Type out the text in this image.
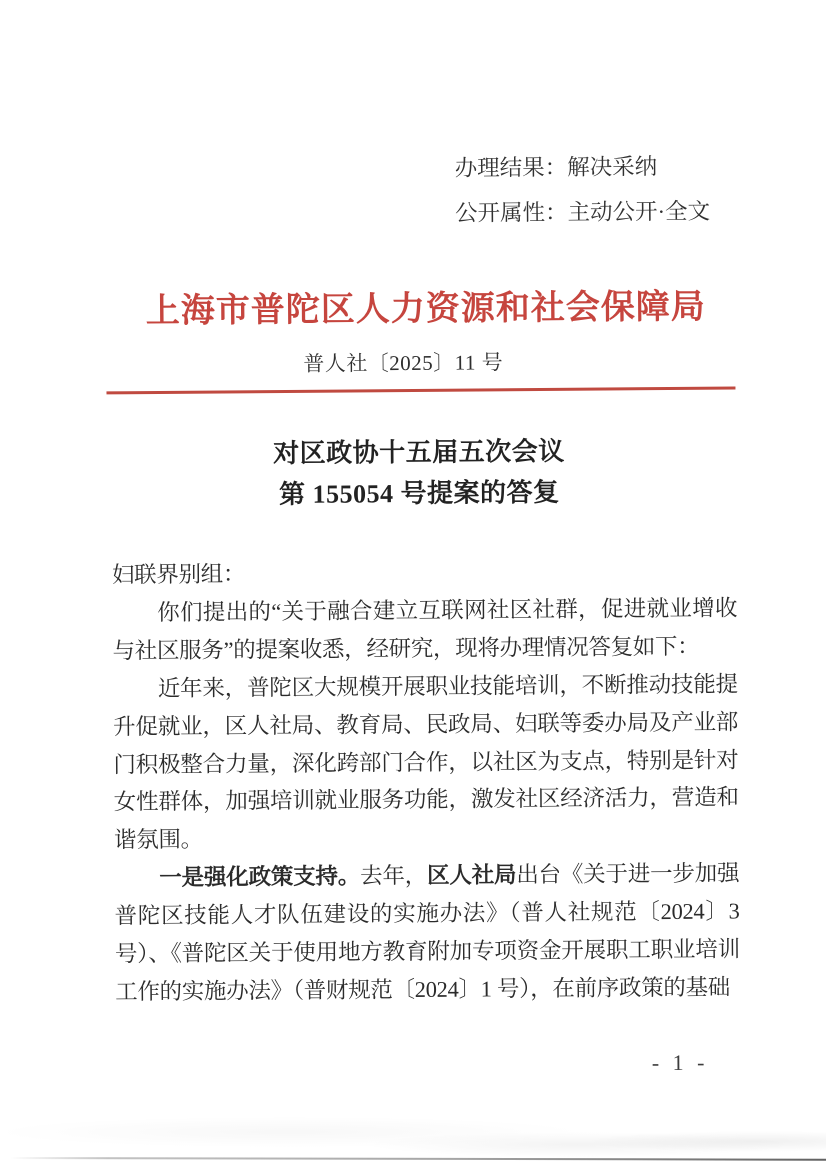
办理结果：解决采纳
公开属性：主动公开·全文
上海市普陀区人力资源和社会保障局
普人社〔2025〕11 号
对区政协十五届五次会议
第 155054 号提案的答复

妇联界别组：

你们提出的“关于融合建立互联网社区社群，促进就业增收与社区服务”的提案收悉，经研究，现将办理情况答复如下：

近年来，普陀区大规模开展职业技能培训，不断推动技能提升促就业，区人社局、教育局、民政局、妇联等委办局及产业部门积极整合力量，深化跨部门合作，以社区为支点，特别是针对女性群体，加强培训就业服务功能，激发社区经济活力，营造和谐氛围。

一是强化政策支持。去年，区人社局出台《关于进一步加强普陀区技能人才队伍建设的实施办法》（普人社规范〔2024〕3 号）、《普陀区关于使用地方教育附加专项资金开展职工职业培训工作的实施办法》（普财规范〔2024〕1 号），在前序政策的基础

- 1 -
